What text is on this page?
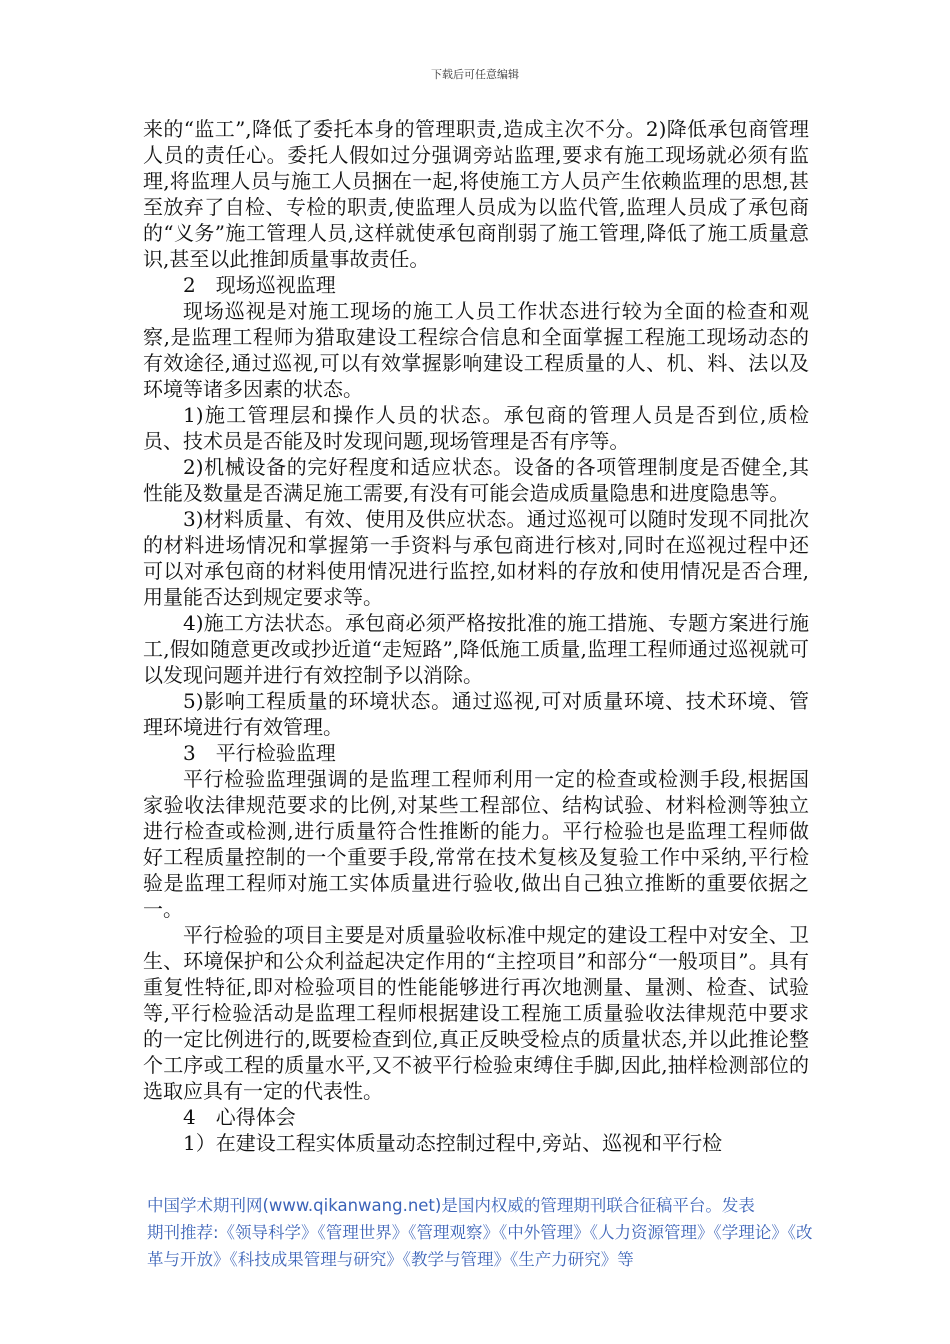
下载后可任意编辑

来的“监工”,降低了委托本身的管理职责,造成主次不分。2)降低承包商管理人员的责任心。委托人假如过分强调旁站监理,要求有施工现场就必须有监理,将监理人员与施工人员捆在一起,将使施工方人员产生依赖监理的思想,甚至放弃了自检、专检的职责,使监理人员成为以监代管,监理人员成了承包商的“义务”施工管理人员,这样就使承包商削弱了施工管理,降低了施工质量意识,甚至以此推卸质量事故责任。

2　现场巡视监理

现场巡视是对施工现场的施工人员工作状态进行较为全面的检查和观察,是监理工程师为猎取建设工程综合信息和全面掌握工程施工现场动态的有效途径,通过巡视,可以有效掌握影响建设工程质量的人、机、料、法以及环境等诸多因素的状态。

1)施工管理层和操作人员的状态。承包商的管理人员是否到位,质检员、技术员是否能及时发现问题,现场管理是否有序等。

2)机械设备的完好程度和适应状态。设备的各项管理制度是否健全,其性能及数量是否满足施工需要,有没有可能会造成质量隐患和进度隐患等。

3)材料质量、有效、使用及供应状态。通过巡视可以随时发现不同批次的材料进场情况和掌握第一手资料与承包商进行核对,同时在巡视过程中还可以对承包商的材料使用情况进行监控,如材料的存放和使用情况是否合理,用量能否达到规定要求等。

4)施工方法状态。承包商必须严格按批准的施工措施、专题方案进行施工,假如随意更改或抄近道“走短路”,降低施工质量,监理工程师通过巡视就可以发现问题并进行有效控制予以消除。

5)影响工程质量的环境状态。通过巡视,可对质量环境、技术环境、管理环境进行有效管理。

3　平行检验监理

平行检验监理强调的是监理工程师利用一定的检查或检测手段,根据国家验收法律规范要求的比例,对某些工程部位、结构试验、材料检测等独立进行检查或检测,进行质量符合性推断的能力。平行检验也是监理工程师做好工程质量控制的一个重要手段,常常在技术复核及复验工作中采纳,平行检验是监理工程师对施工实体质量进行验收,做出自己独立推断的重要依据之一。

平行检验的项目主要是对质量验收标准中规定的建设工程中对安全、卫生、环境保护和公众利益起决定作用的“主控项目”和部分“一般项目”。具有重复性特征,即对检验项目的性能能够进行再次地测量、量测、检查、试验等,平行检验活动是监理工程师根据建设工程施工质量验收法律规范中要求的一定比例进行的,既要检查到位,真正反映受检点的质量状态,并以此推论整个工序或工程的质量水平,又不被平行检验束缚住手脚,因此,抽样检测部位的选取应具有一定的代表性。

4　心得体会

1）在建设工程实体质量动态控制过程中,旁站、巡视和平行检

中国学术期刊网(www.qikanwang.net)是国内权威的管理期刊联合征稿平台。发表

期刊推荐:《领导科学》《管理世界》《管理观察》《中外管理》《人力资源管理》《学理论》《改

革与开放》《科技成果管理与研究》《教学与管理》《生产力研究》等
